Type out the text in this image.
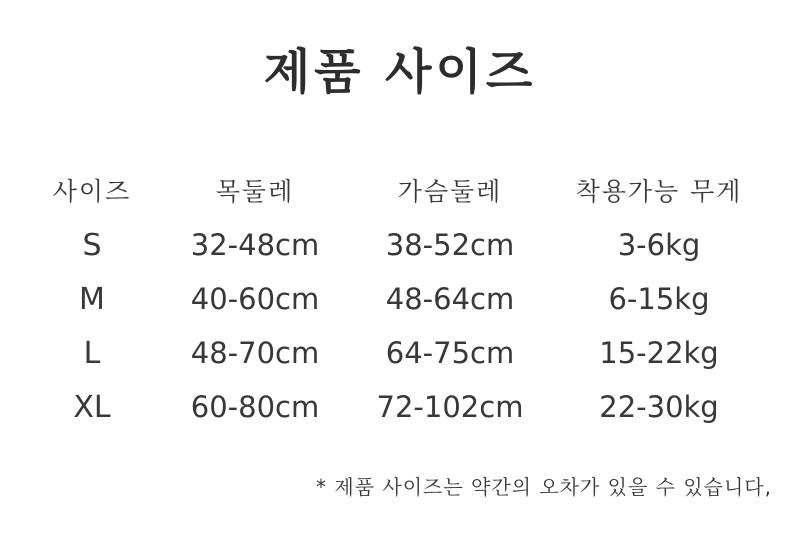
제품 사이즈
사이즈	목둘레	가슴둘레	착용가능 무게
S	32-48cm	38-52cm	3-6kg
M	40-60cm	48-64cm	6-15kg
L	48-70cm	64-75cm	15-22kg
XL	60-80cm	72-102cm	22-30kg
* 제품 사이즈는 약간의 오차가 있을 수 있습니다,
